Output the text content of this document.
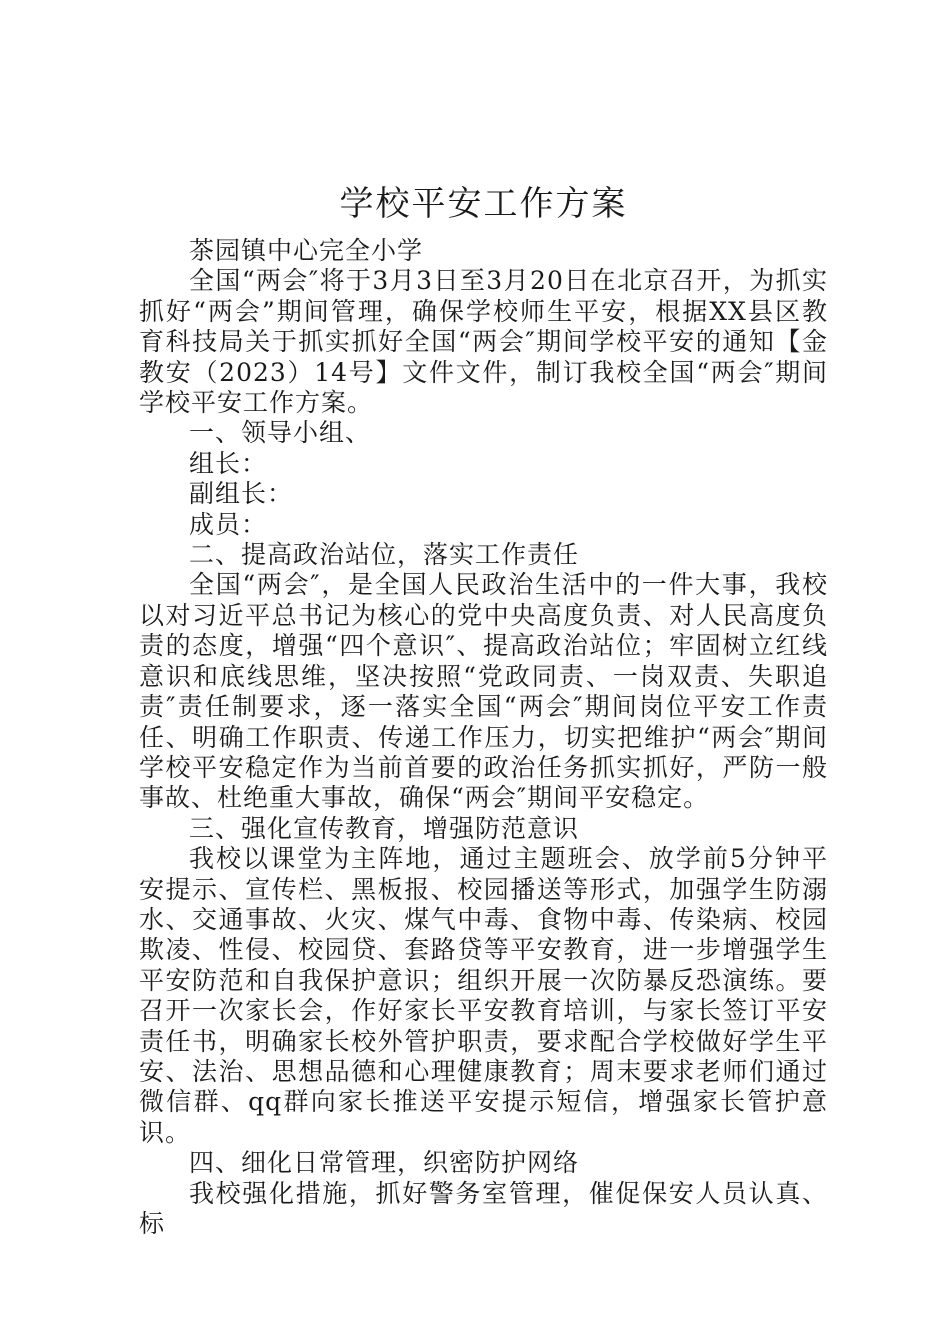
学校平安工作方案

茶园镇中心完全小学

全国“两会″将于3月3日至3月20日在北京召开，为抓实抓好“两会”期间管理，确保学校师生平安，根据XX县区教育科技局关于抓实抓好全国“两会″期间学校平安的通知【金教安（2023）14号】文件文件，制订我校全国“两会″期间学校平安工作方案。

一、领导小组、

组长：

副组长：

成员：

二、提高政治站位，落实工作责任

全国“两会″，是全国人民政治生活中的一件大事，我校以对习近平总书记为核心的党中央高度负责、对人民高度负责的态度，增强“四个意识″、提高政治站位；牢固树立红线意识和底线思维，坚决按照“党政同责、一岗双责、失职追责″责任制要求，逐一落实全国“两会″期间岗位平安工作责任、明确工作职责、传递工作压力，切实把维护“两会″期间学校平安稳定作为当前首要的政治任务抓实抓好，严防一般事故、杜绝重大事故，确保“两会″期间平安稳定。

三、强化宣传教育，增强防范意识

我校以课堂为主阵地，通过主题班会、放学前5分钟平安提示、宣传栏、黑板报、校园播送等形式，加强学生防溺水、交通事故、火灾、煤气中毒、食物中毒、传染病、校园欺凌、性侵、校园贷、套路贷等平安教育，进一步增强学生平安防范和自我保护意识；组织开展一次防暴反恐演练。要召开一次家长会，作好家长平安教育培训，与家长签订平安责任书，明确家长校外管护职责，要求配合学校做好学生平安、法治、思想品德和心理健康教育；周末要求老师们通过微信群、qq群向家长推送平安提示短信，增强家长管护意识。

四、细化日常管理，织密防护网络

我校强化措施，抓好警务室管理，催促保安人员认真、标
